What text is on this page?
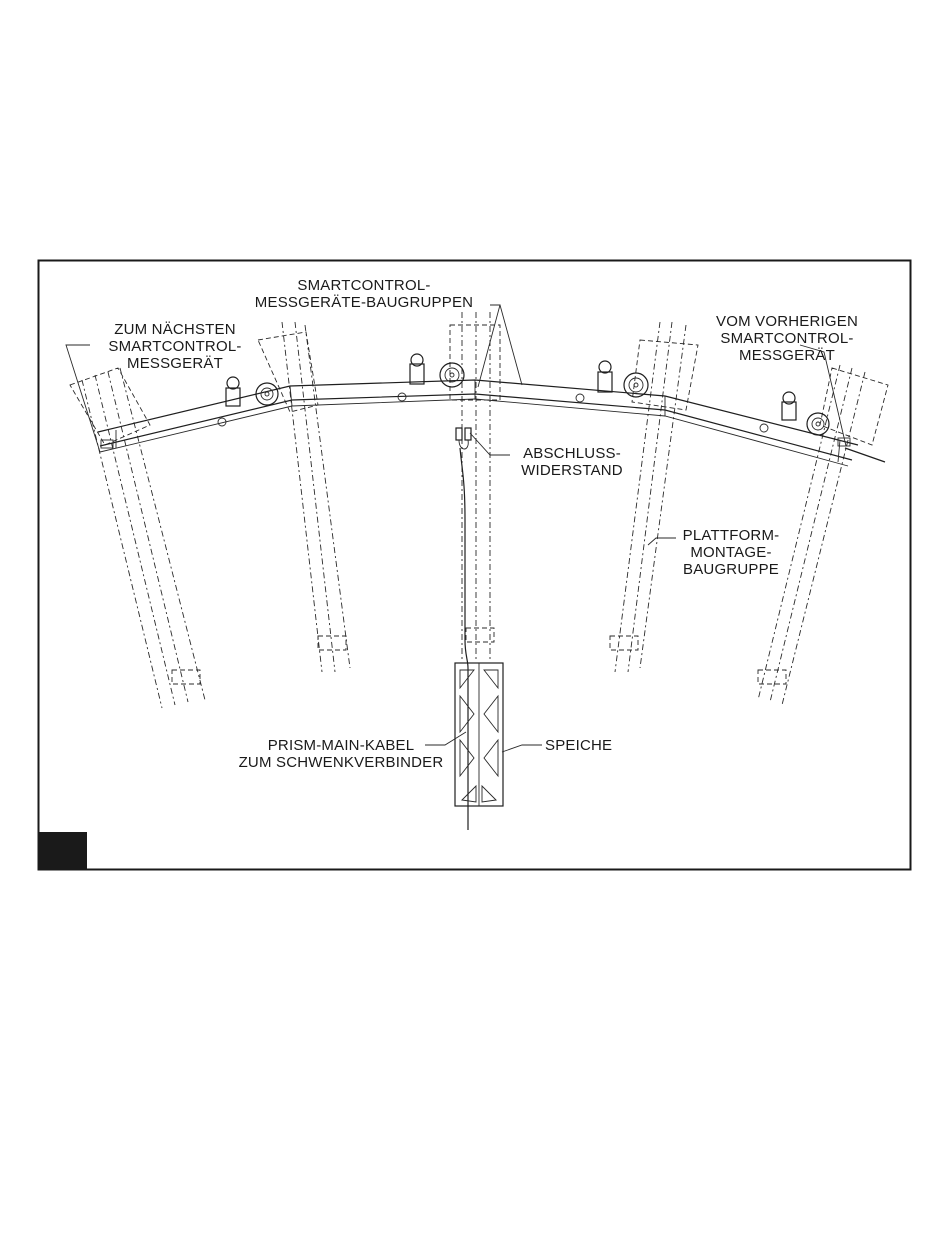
SMARTCONTROL-
MESSGERÄTE-BAUGRUPPEN
ZUM NÄCHSTEN
SMARTCONTROL-
MESSGERÄT
VOM VORHERIGEN
SMARTCONTROL-
MESSGERÄT
ABSCHLUSS-
WIDERSTAND
PLATTFORM-
MONTAGE-
BAUGRUPPE
PRISM-MAIN-KABEL
ZUM SCHWENKVERBINDER
SPEICHE
